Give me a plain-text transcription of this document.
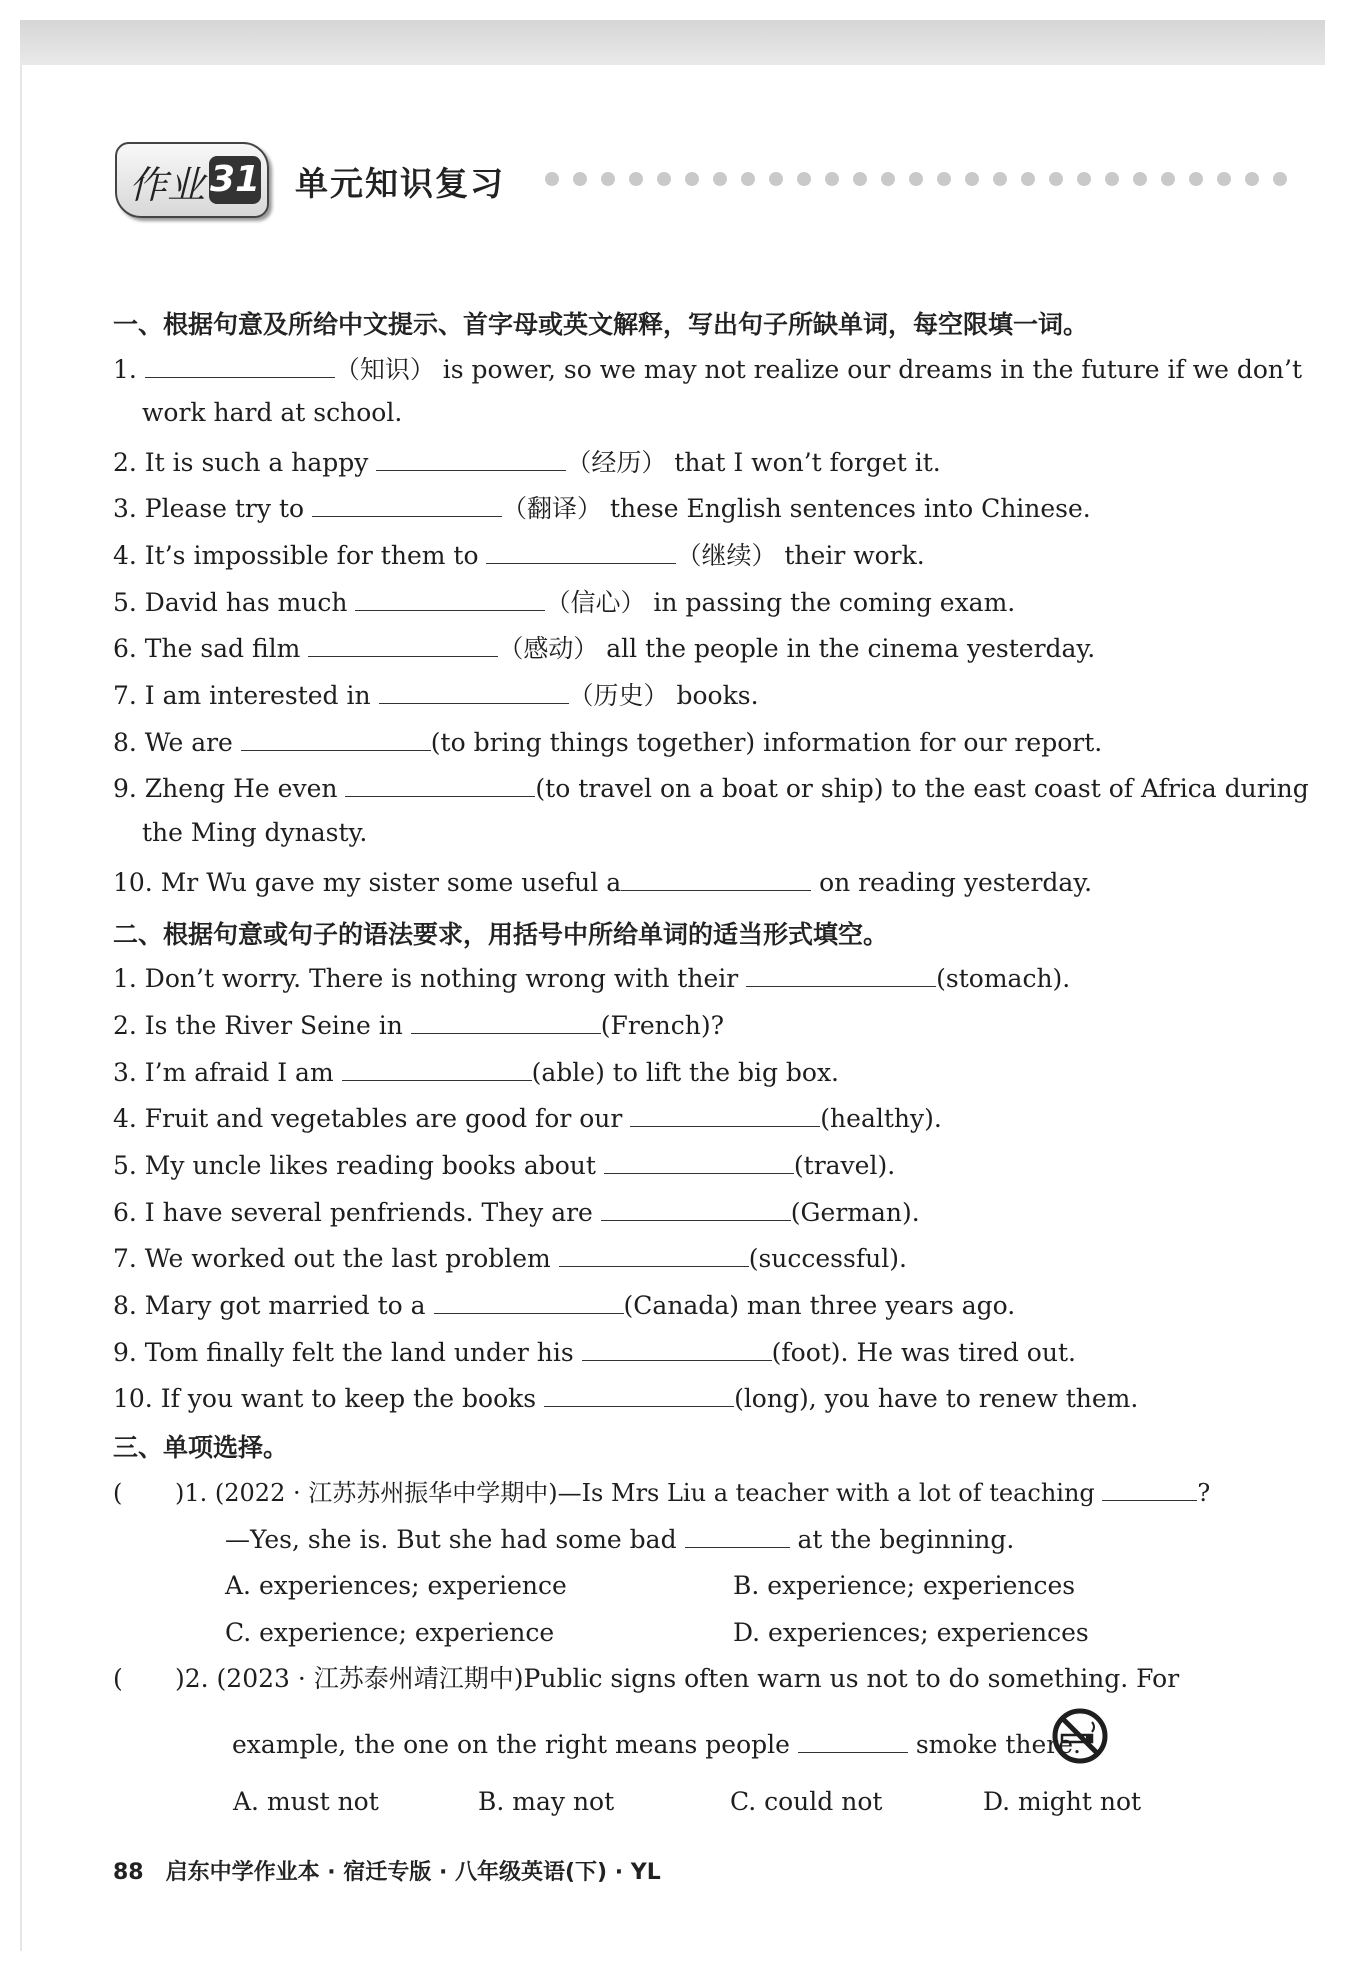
作业 31 单元知识复习
一、根据句意及所给中文提示、首字母或英文解释，写出句子所缺单词，每空限填一词。
1.	（知识） is power, so we may not realize our dreams in the future if we don’t
work hard at school.
2. It is such a happy	（经历） that I won’t forget it.
3. Please try to	（翻译） these English sentences into Chinese.
4. It’s impossible for them to	（继续） their work.
5. David has much	（信心） in passing the coming exam.
6. The sad film	（感动） all the people in the cinema yesterday.
7. I am interested in	（历史） books.
8. We are	(to bring things together) information for our report.
9. Zheng He even	(to travel on a boat or ship) to the east coast of Africa during
the Ming dynasty.
10. Mr Wu gave my sister some useful a	on reading yesterday.
二、根据句意或句子的语法要求，用括号中所给单词的适当形式填空。
1. Don’t worry. There is nothing wrong with their	(stomach).
2. Is the River Seine in	(French)?
3. I’m afraid I am	(able) to lift the big box.
4. Fruit and vegetables are good for our	(healthy).
5. My uncle likes reading books about	(travel).
6. I have several penfriends. They are	(German).
7. We worked out the last problem	(successful).
8. Mary got married to a	(Canada) man three years ago.
9. Tom finally felt the land under his	(foot). He was tired out.
10. If you want to keep the books	(long), you have to renew them.
三、单项选择。
( )1. (2022 · 江苏苏州振华中学期中)—Is Mrs Liu a teacher with a lot of teaching	?
—Yes, she is. But she had some bad	at the beginning.
A. experiences; experience	B. experience; experiences
C. experience; experience	D. experiences; experiences
( )2. (2023 · 江苏泰州靖江期中)Public signs often warn us not to do something. For
example, the one on the right means people	smoke there.
A. must not	B. may not	C. could not	D. might not
88 启东中学作业本 · 宿迁专版 · 八年级英语(下) · YL
